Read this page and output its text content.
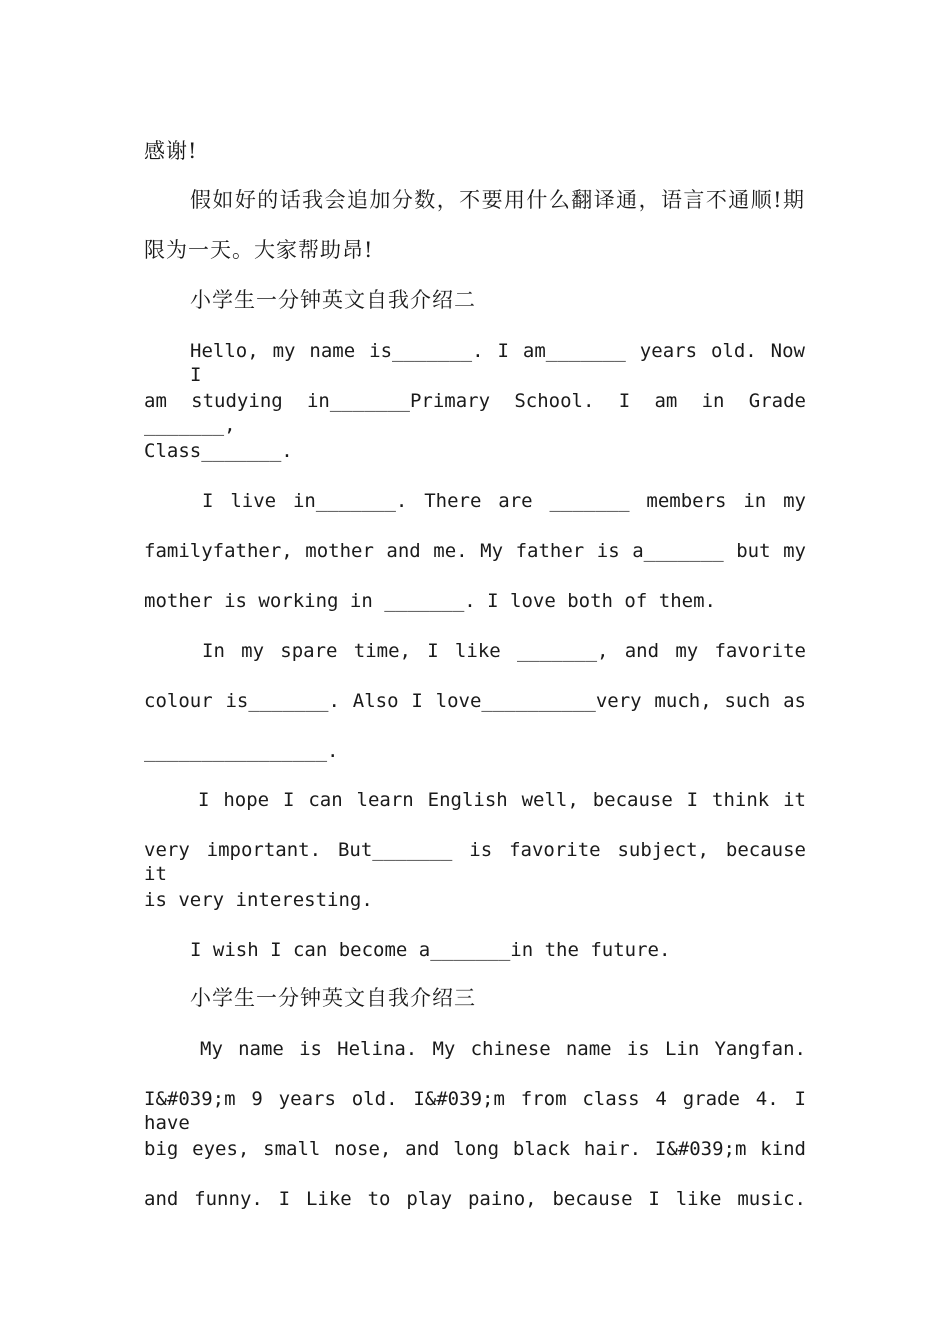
感谢!
假如好的话我会追加分数，不要用什么翻译通，语言不通顺!期
限为一天。大家帮助昂!
小学生一分钟英文自我介绍二
Hello, my name is_______. I am_______ years old. Now I
am studying in_______Primary School. I am in Grade _______,
Class_______.
I live in_______. There are _______ members in my
familyfather, mother and me. My father is a_______ but my
mother is working in _______. I love both of them.
In my spare time, I like _______, and my favorite
colour is_______. Also I love__________very much, such as
________________.
I hope I can learn English well, because I think it
very important. But_______ is favorite subject, because it
is very interesting.
I wish I can become a_______in the future.
小学生一分钟英文自我介绍三
My name is Helina. My chinese name is Lin Yangfan.
I&#039;m 9 years old. I&#039;m from class 4 grade 4. I have
big eyes, small nose, and long black hair. I&#039;m kind
and funny. I Like to play paino, because I like music.
